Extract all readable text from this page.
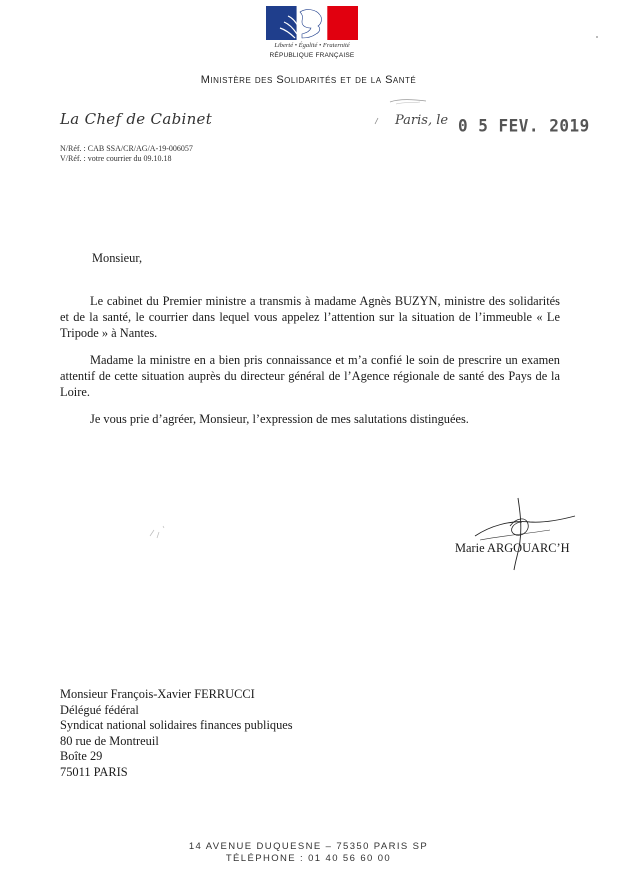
Liberté • Égalité • Fraternité
RÉPUBLIQUE FRANÇAISE
Ministère des Solidarités et de la Santé
La Chef de Cabinet	Paris, le 0 5 FEV. 2019
N/Réf. : CAB SSA/CR/AG/A-19-006057
V/Réf. : votre courrier du 09.10.18
Monsieur,
Le cabinet du Premier ministre a transmis à madame Agnès BUZYN, ministre des solidarités et de la santé, le courrier dans lequel vous appelez l’attention sur la situation de l’immeuble « Le Tripode » à Nantes.
Madame la ministre en a bien pris connaissance et m’a confié le soin de prescrire un examen attentif de cette situation auprès du directeur général de l’Agence régionale de santé des Pays de la Loire.
Je vous prie d’agréer, Monsieur, l’expression de mes salutations distinguées.
Marie ARGOUARC’H
Monsieur François-Xavier FERRUCCI
Délégué fédéral
Syndicat national solidaires finances publiques
80 rue de Montreuil
Boîte 29
75011 PARIS
14 AVENUE DUQUESNE – 75350 PARIS SP
TÉLÉPHONE : 01 40 56 60 00
